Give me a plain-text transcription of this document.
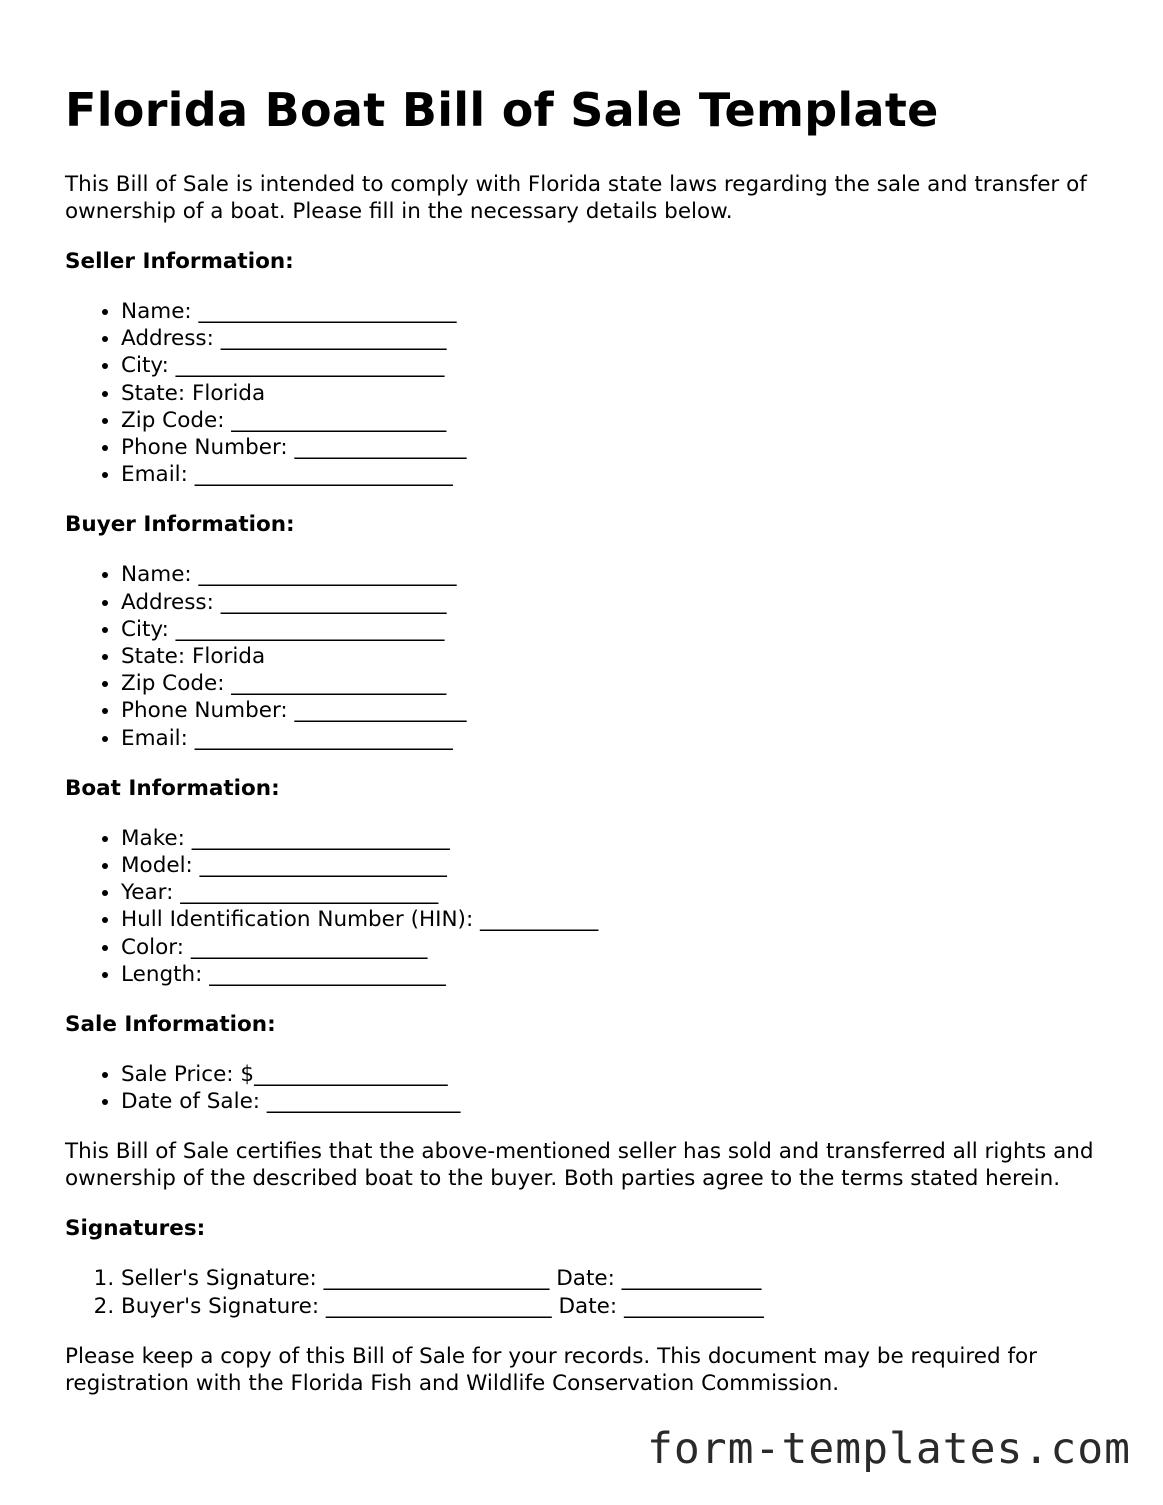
Florida Boat Bill of Sale Template

This Bill of Sale is intended to comply with Florida state laws regarding the sale and transfer of ownership of a boat. Please fill in the necessary details below.

Seller Information:
• Name: ________________________
• Address: _____________________
• City: _________________________
• State: Florida
• Zip Code: ____________________
• Phone Number: ________________
• Email: ________________________
Buyer Information:
• Name: ________________________
• Address: _____________________
• City: _________________________
• State: Florida
• Zip Code: ____________________
• Phone Number: ________________
• Email: ________________________
Boat Information:
• Make: ________________________
• Model: _______________________
• Year: ________________________
• Hull Identification Number (HIN): ___________
• Color: ______________________
• Length: ______________________
Sale Information:
• Sale Price: $__________________
• Date of Sale: __________________

This Bill of Sale certifies that the above-mentioned seller has sold and transferred all rights and ownership of the described boat to the buyer. Both parties agree to the terms stated herein.

Signatures:
1. Seller's Signature: _____________________ Date: _____________
2. Buyer's Signature: _____________________ Date: _____________

Please keep a copy of this Bill of Sale for your records. This document may be required for registration with the Florida Fish and Wildlife Conservation Commission.

form-templates.com
